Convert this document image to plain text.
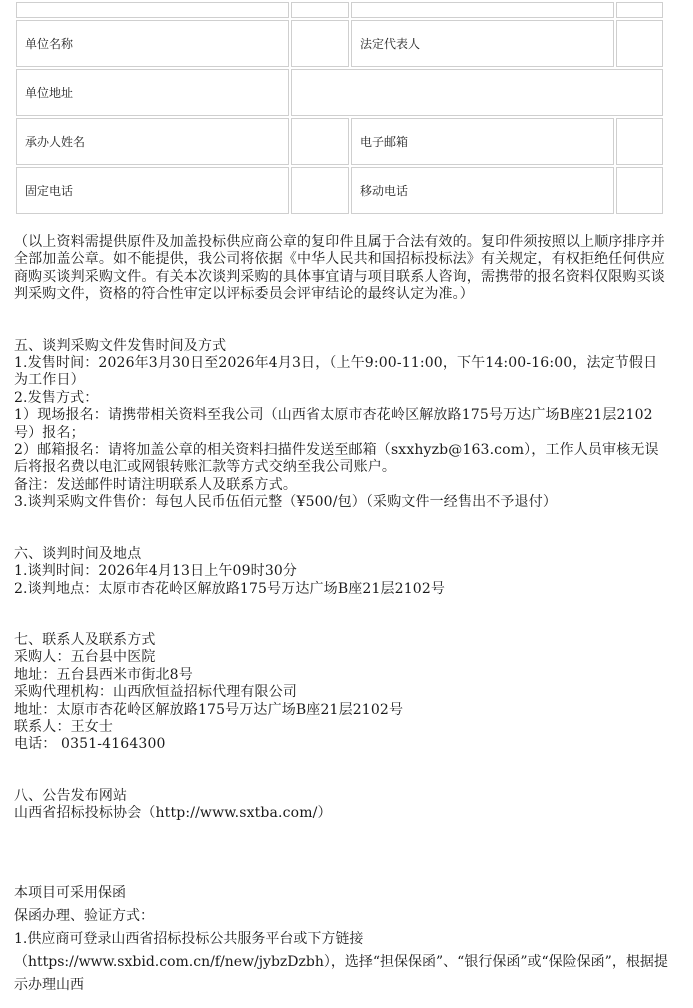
单位名称		法定代表人	
单位地址			
承办人姓名		电子邮箱	
固定电话		移动电话	

（以上资料需提供原件及加盖投标供应商公章的复印件且属于合法有效的。复印件须按照以上顺序排序并全部加盖公章。如不能提供，我公司将依据《中华人民共和国招标投标法》有关规定，有权拒绝任何供应商购买谈判采购文件。有关本次谈判采购的具体事宜请与项目联系人咨询，需携带的报名资料仅限购买谈判采购文件，资格的符合性审定以评标委员会评审结论的最终认定为准。）

五、谈判采购文件发售时间及方式

1.发售时间：2026年3月30日至2026年4月3日，（上午9:00-11:00，下午14:00-16:00，法定节假日为工作日）

2.发售方式：

1）现场报名：请携带相关资料至我公司（山西省太原市杏花岭区解放路175号万达广场B座21层2102号）报名；

2）邮箱报名：请将加盖公章的相关资料扫描件发送至邮箱（sxxhyzb@163.com），工作人员审核无误后将报名费以电汇或网银转账汇款等方式交纳至我公司账户。

备注：发送邮件时请注明联系人及联系方式。

3.谈判采购文件售价：每包人民币伍佰元整（¥500/包）（采购文件一经售出不予退付）

六、谈判时间及地点

1.谈判时间：2026年4月13日上午09时30分

2.谈判地点：太原市杏花岭区解放路175号万达广场B座21层2102号

七、联系人及联系方式

采购人：五台县中医院

地址：五台县西米市街北8号

采购代理机构：山西欣恒益招标代理有限公司

地址：太原市杏花岭区解放路175号万达广场B座21层2102号

联系人：王女士

电话： 0351-4164300

八、公告发布网站

山西省招标投标协会（http://www.sxtba.com/）

本项目可采用保函

保函办理、验证方式：

1.供应商可登录山西省招标投标公共服务平台或下方链接（https://www.sxbid.com.cn/f/new/jybzDzbh），选择“担保保函”、“银行保函”或“保险保函”，根据提示办理山西
